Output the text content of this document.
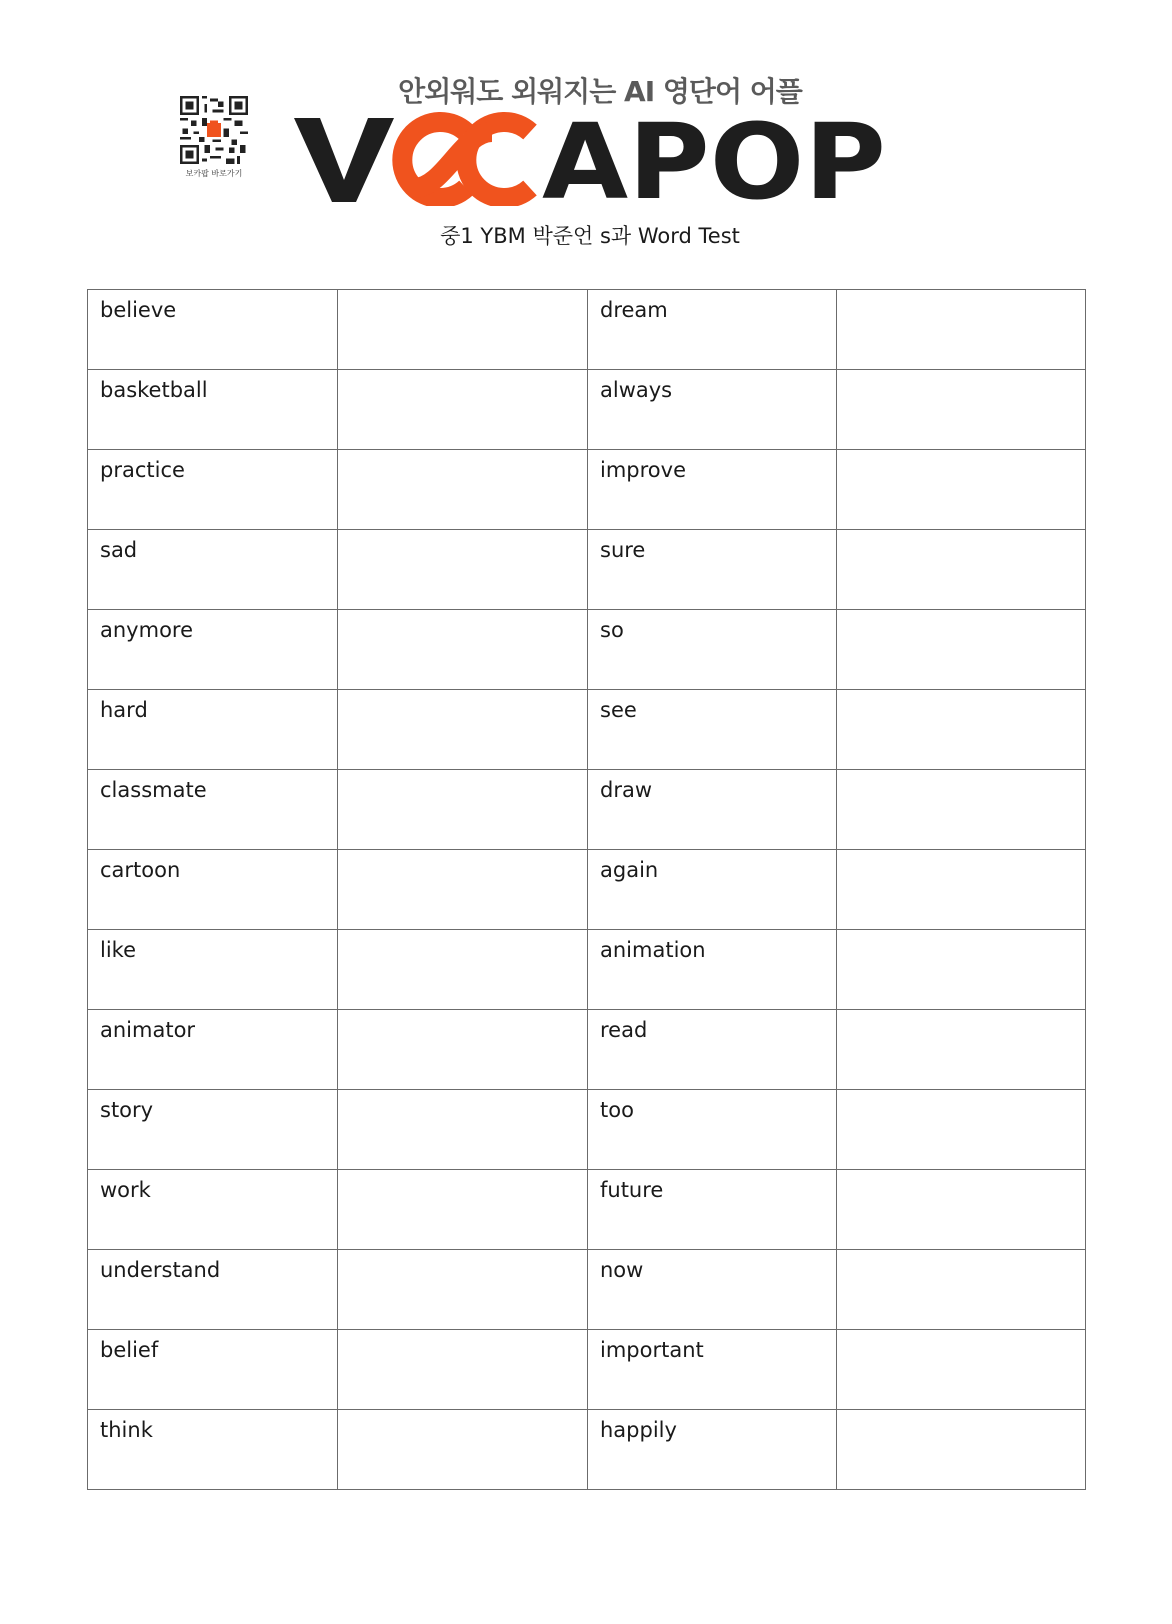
보카팝 바로가기
안외워도 외워지는 AI 영단어 어플
APOP
중1 YBM 박준언 s과 Word Test
believe		dream	
basketball		always	
practice		improve	
sad		sure	
anymore		so	
hard		see	
classmate		draw	
cartoon		again	
like		animation	
animator		read	
story		too	
work		future	
understand		now	
belief		important	
think		happily	
